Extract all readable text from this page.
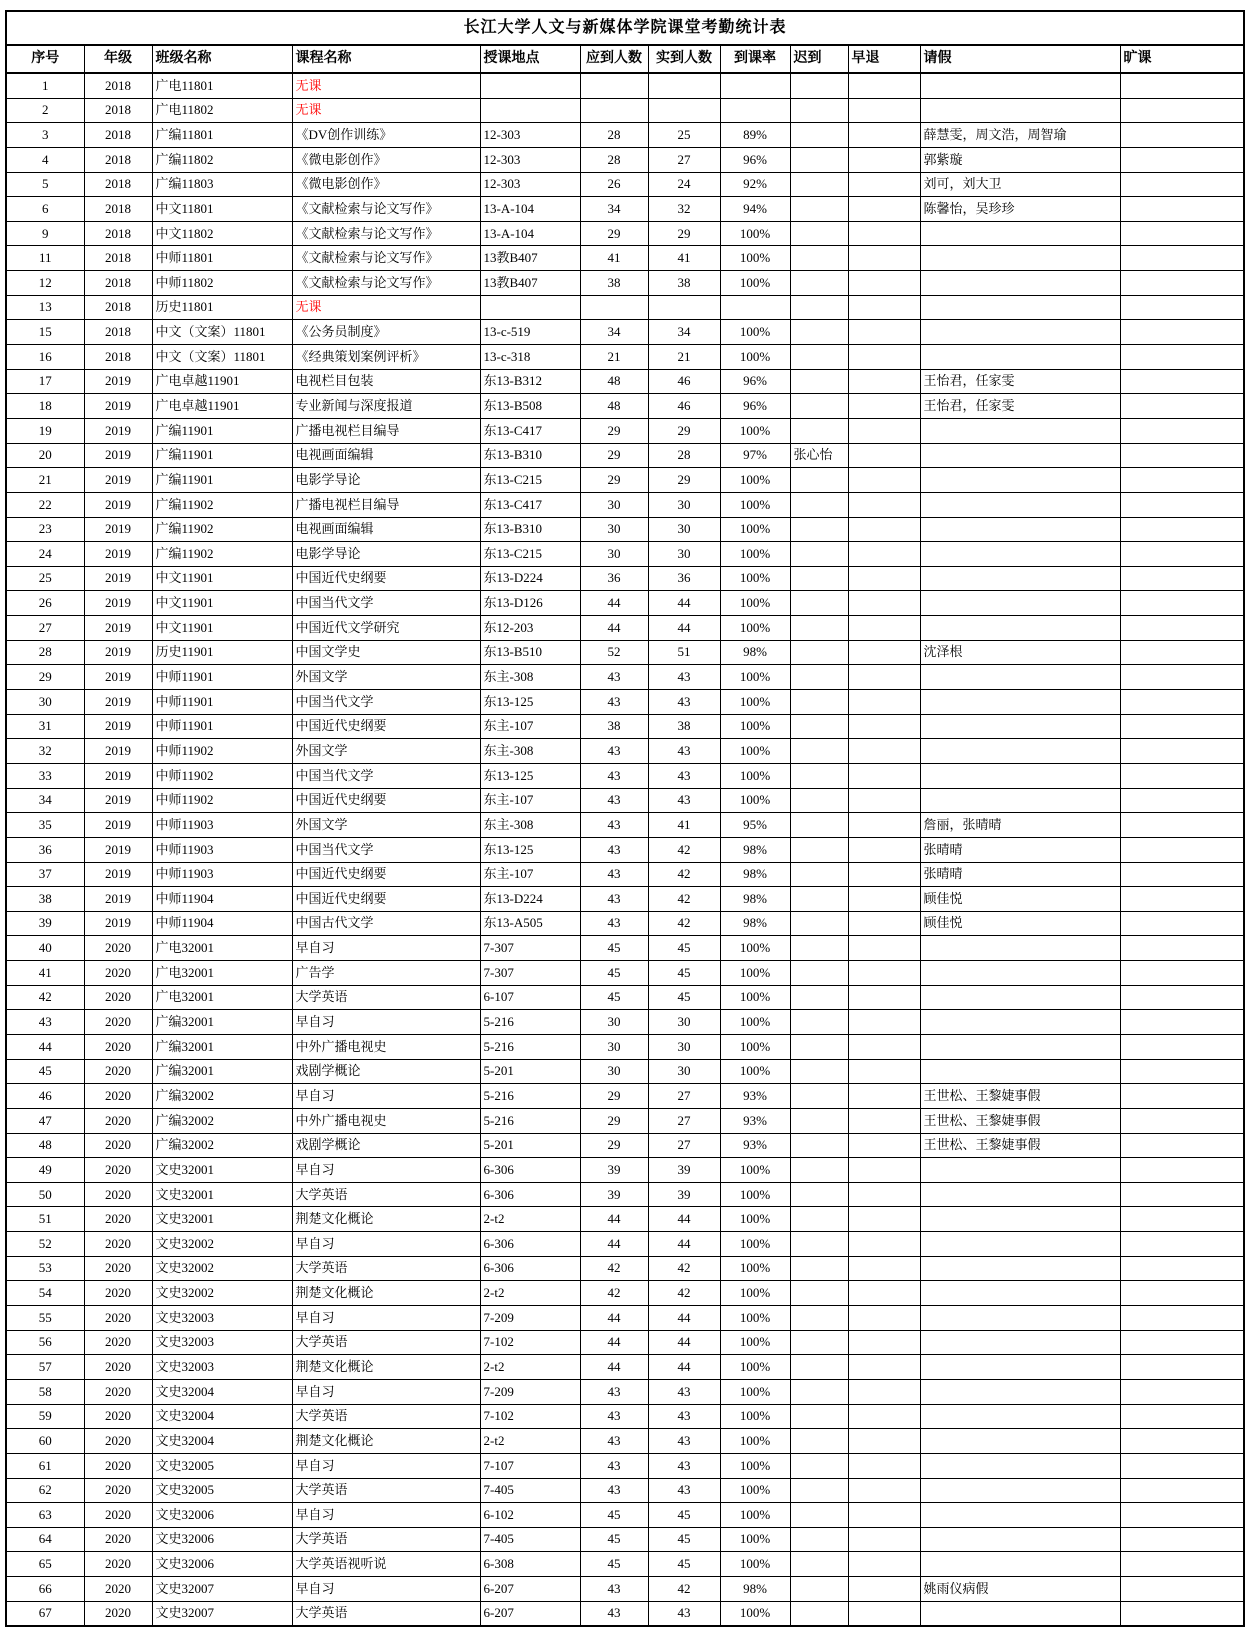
长江大学人文与新媒体学院课堂考勤统计表											
序号	年级	班级名称	课程名称	授课地点	应到人数	实到人数	到课率	迟到	早退	请假	旷课
1	2018	广电11801	无课								
2	2018	广电11802	无课								
3	2018	广编11801	《DV创作训练》	12-303	28	25	89%			薛慧雯，周文浩，周智瑜	
4	2018	广编11802	《微电影创作》	12-303	28	27	96%			郭紫璇	
5	2018	广编11803	《微电影创作》	12-303	26	24	92%			刘可，刘大卫	
6	2018	中文11801	《文献检索与论文写作》	13-A-104	34	32	94%			陈馨怡，吴珍珍	
9	2018	中文11802	《文献检索与论文写作》	13-A-104	29	29	100%				
11	2018	中师11801	《文献检索与论文写作》	13教B407	41	41	100%				
12	2018	中师11802	《文献检索与论文写作》	13教B407	38	38	100%				
13	2018	历史11801	无课								
15	2018	中文（文案）11801	《公务员制度》	13-c-519	34	34	100%				
16	2018	中文（文案）11801	《经典策划案例评析》	13-c-318	21	21	100%				
17	2019	广电卓越11901	电视栏目包装	东13-B312	48	46	96%			王怡君，任家雯	
18	2019	广电卓越11901	专业新闻与深度报道	东13-B508	48	46	96%			王怡君，任家雯	
19	2019	广编11901	广播电视栏目编导	东13-C417	29	29	100%				
20	2019	广编11901	电视画面编辑	东13-B310	29	28	97%	张心怡			
21	2019	广编11901	电影学导论	东13-C215	29	29	100%				
22	2019	广编11902	广播电视栏目编导	东13-C417	30	30	100%				
23	2019	广编11902	电视画面编辑	东13-B310	30	30	100%				
24	2019	广编11902	电影学导论	东13-C215	30	30	100%				
25	2019	中文11901	中国近代史纲要	东13-D224	36	36	100%				
26	2019	中文11901	中国当代文学	东13-D126	44	44	100%				
27	2019	中文11901	中国近代文学研究	东12-203	44	44	100%				
28	2019	历史11901	中国文学史	东13-B510	52	51	98%			沈泽根	
29	2019	中师11901	外国文学	东主-308	43	43	100%				
30	2019	中师11901	中国当代文学	东13-125	43	43	100%				
31	2019	中师11901	中国近代史纲要	东主-107	38	38	100%				
32	2019	中师11902	外国文学	东主-308	43	43	100%				
33	2019	中师11902	中国当代文学	东13-125	43	43	100%				
34	2019	中师11902	中国近代史纲要	东主-107	43	43	100%				
35	2019	中师11903	外国文学	东主-308	43	41	95%			詹丽，张晴晴	
36	2019	中师11903	中国当代文学	东13-125	43	42	98%			张晴晴	
37	2019	中师11903	中国近代史纲要	东主-107	43	42	98%			张晴晴	
38	2019	中师11904	中国近代史纲要	东13-D224	43	42	98%			顾佳悦	
39	2019	中师11904	中国古代文学	东13-A505	43	42	98%			顾佳悦	
40	2020	广电32001	早自习	7-307	45	45	100%				
41	2020	广电32001	广告学	7-307	45	45	100%				
42	2020	广电32001	大学英语	6-107	45	45	100%				
43	2020	广编32001	早自习	5-216	30	30	100%				
44	2020	广编32001	中外广播电视史	5-216	30	30	100%				
45	2020	广编32001	戏剧学概论	5-201	30	30	100%				
46	2020	广编32002	早自习	5-216	29	27	93%			王世松、王黎婕事假	
47	2020	广编32002	中外广播电视史	5-216	29	27	93%			王世松、王黎婕事假	
48	2020	广编32002	戏剧学概论	5-201	29	27	93%			王世松、王黎婕事假	
49	2020	文史32001	早自习	6-306	39	39	100%				
50	2020	文史32001	大学英语	6-306	39	39	100%				
51	2020	文史32001	荆楚文化概论	2-t2	44	44	100%				
52	2020	文史32002	早自习	6-306	44	44	100%				
53	2020	文史32002	大学英语	6-306	42	42	100%				
54	2020	文史32002	荆楚文化概论	2-t2	42	42	100%				
55	2020	文史32003	早自习	7-209	44	44	100%				
56	2020	文史32003	大学英语	7-102	44	44	100%				
57	2020	文史32003	荆楚文化概论	2-t2	44	44	100%				
58	2020	文史32004	早自习	7-209	43	43	100%				
59	2020	文史32004	大学英语	7-102	43	43	100%				
60	2020	文史32004	荆楚文化概论	2-t2	43	43	100%				
61	2020	文史32005	早自习	7-107	43	43	100%				
62	2020	文史32005	大学英语	7-405	43	43	100%				
63	2020	文史32006	早自习	6-102	45	45	100%				
64	2020	文史32006	大学英语	7-405	45	45	100%				
65	2020	文史32006	大学英语视听说	6-308	45	45	100%				
66	2020	文史32007	早自习	6-207	43	42	98%			姚雨仪病假	
67	2020	文史32007	大学英语	6-207	43	43	100%				
